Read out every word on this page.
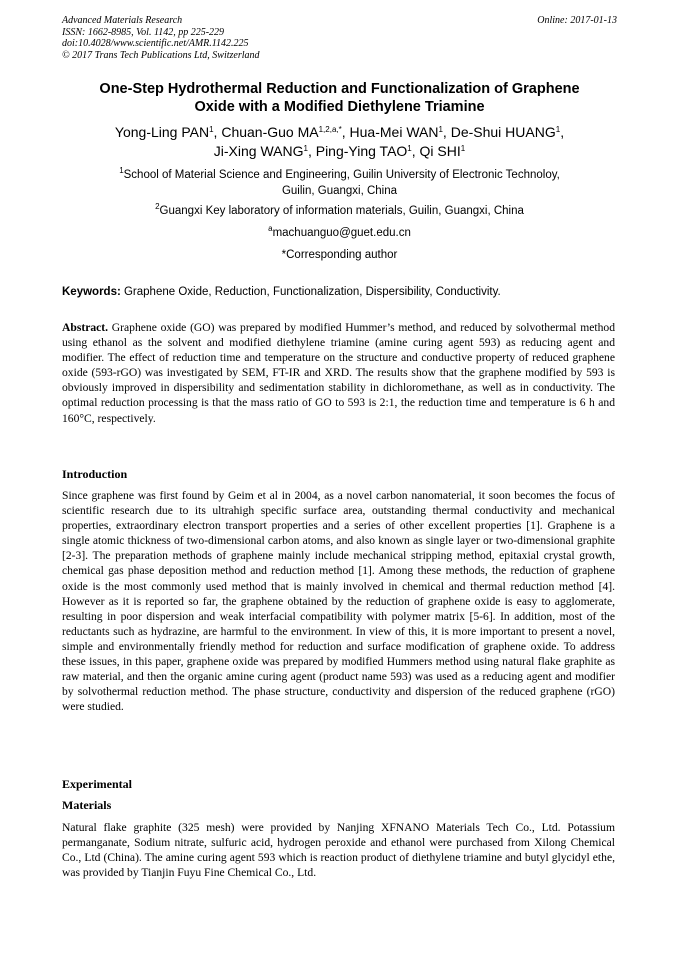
Advanced Materials Research
ISSN: 1662-8985, Vol. 1142, pp 225-229
doi:10.4028/www.scientific.net/AMR.1142.225
© 2017 Trans Tech Publications Ltd, Switzerland
Online: 2017-01-13
One-Step Hydrothermal Reduction and Functionalization of Graphene
Oxide with a Modified Diethylene Triamine
Yong-Ling PAN$^1$, Chuan-Guo $MA^{1,2,a,*}$, Hua-Mei WAN$^1$, De-Shui HUANG$^1$,
Ji-Xing WANG$^1$, Ping-Ying TAO$^1$, Qi SHI$^1$
$^1$School of Material Science and Engineering, Guilin University of Electronic Technoloy,
Guilin, Guangxi, China
$^2$Guangxi Key laboratory of information materials, Guilin, Guangxi, China
$^a$machuanguo@guet.edu.cn
*Corresponding author
Keywords: Graphene Oxide, Reduction, Functionalization, Dispersibility, Conductivity.
Abstract. Graphene oxide (GO) was prepared by modified Hummer’s method, and reduced by solvothermal method using ethanol as the solvent and modified diethylene triamine (amine curing agent 593) as reducing agent and modifier. The effect of reduction time and temperature on the structure and conductive property of reduced graphene oxide (593-rGO) was investigated by SEM, FT-IR and XRD. The results show that the graphene modified by 593 is obviously improved in dispersibility and sedimentation stability in dichloromethane, as well as in conductivity. The optimal reduction processing is that the mass ratio of GO to 593 is 2:1, the reduction time and temperature is 6 h and 160°C, respectively.
Introduction
Since graphene was first found by Geim et al in 2004, as a novel carbon nanomaterial, it soon becomes the focus of scientific research due to its ultrahigh specific surface area, outstanding thermal conductivity and mechanical properties, extraordinary electron transport properties and a series of other excellent properties [1]. Graphene is a single atomic thickness of two-dimensional carbon atoms, and also known as single layer or two-dimensional graphite [2-3]. The preparation methods of graphene mainly include mechanical stripping method, epitaxial crystal growth, chemical gas phase deposition method and reduction method [1]. Among these methods, the reduction of graphene oxide is the most commonly used method that is mainly involved in chemical and thermal reduction method [4]. However as it is reported so far, the graphene obtained by the reduction of graphene oxide is easy to agglomerate, resulting in poor dispersion and weak interfacial compatibility with polymer matrix [5-6]. In addition, most of the reductants such as hydrazine, are harmful to the environment. In view of this, it is more important to present a novel, simple and environmentally friendly method for reduction and surface modification of graphene oxide. To address these issues, in this paper, graphene oxide was prepared by modified Hummers method using natural flake graphite as raw material, and then the organic amine curing agent (product name 593) was used as a reducing agent and modifier by solvothermal reduction method. The phase structure, conductivity and dispersion of the reduced graphene (rGO) were studied.
Experimental
Materials
Natural flake graphite (325 mesh) were provided by Nanjing XFNANO Materials Tech Co., Ltd. Potassium permanganate, Sodium nitrate, sulfuric acid, hydrogen peroxide and ethanol were purchased from Xilong Chemical Co., Ltd (China). The amine curing agent 593 which is reaction product of diethylene triamine and butyl glycidyl ethe, was provided by Tianjin Fuyu Fine Chemical Co., Ltd.
